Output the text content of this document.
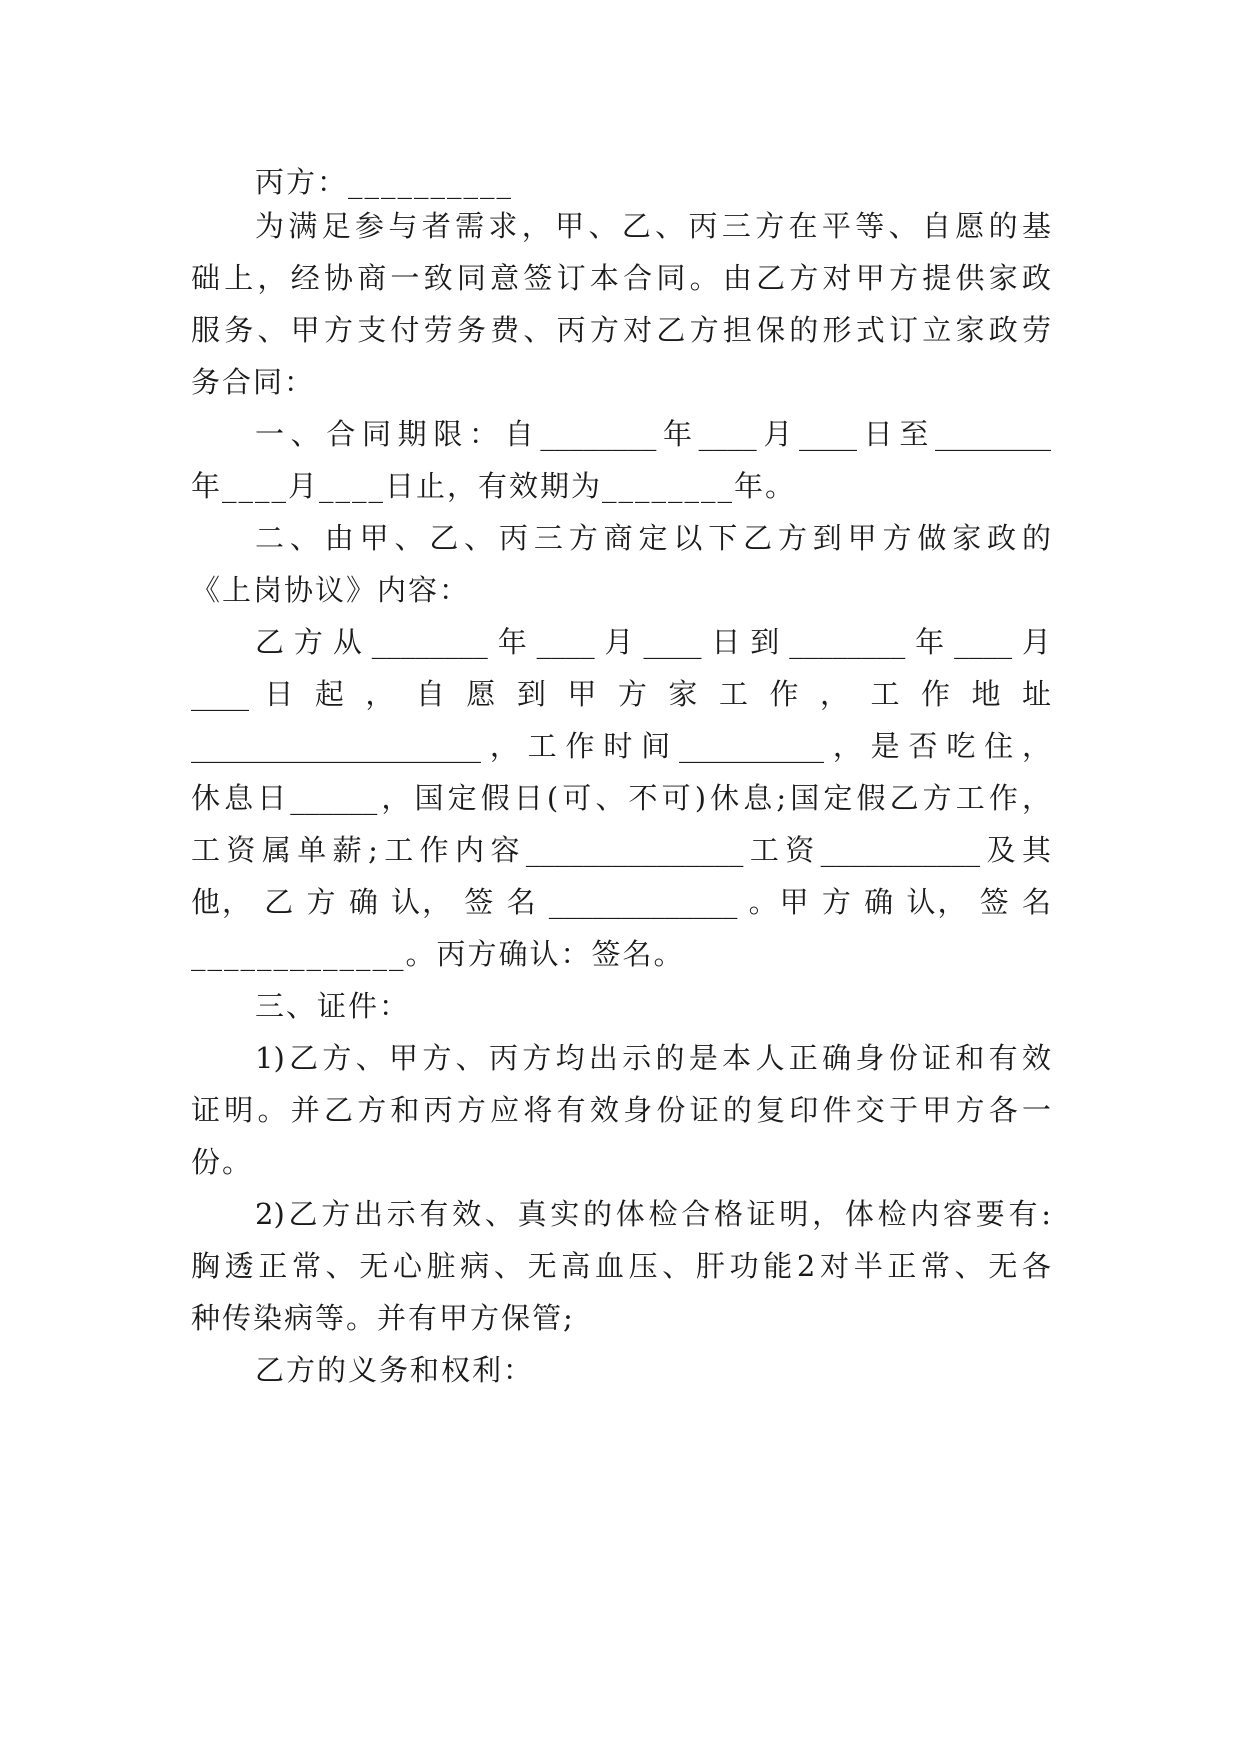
丙方：__________
为满足参与者需求，甲、乙、丙三方在平等、自愿的基
础上，经协商一致同意签订本合同。由乙方对甲方提供家政
服务、甲方支付劳务费、丙方对乙方担保的形式订立家政劳
务合同：
一、合同期限：自________年____月____日至________
年____月____日止，有效期为________年。
二、由甲、乙、丙三方商定以下乙方到甲方做家政的
《上岗协议》内容：
乙方从________年____月____日到________年____月
____ 日 起 ， 自 愿 到 甲 方 家 工 作 ， 工 作 地 址
____________________，工作时间__________，是否吃住，
休息日______，国定假日(可、不可)休息;国定假乙方工作，
工资属单薪;工作内容_______________工资___________及其
他， 乙 方 确 认， 签 名 _____________ 。甲 方 确 认， 签 名
_____________。丙方确认：签名。
三、证件：
1)乙方、甲方、丙方均出示的是本人正确身份证和有效
证明。并乙方和丙方应将有效身份证的复印件交于甲方各一
份。
2)乙方出示有效、真实的体检合格证明，体检内容要有:
胸透正常、无心脏病、无高血压、肝功能2对半正常、无各
种传染病等。并有甲方保管;
乙方的义务和权利：
